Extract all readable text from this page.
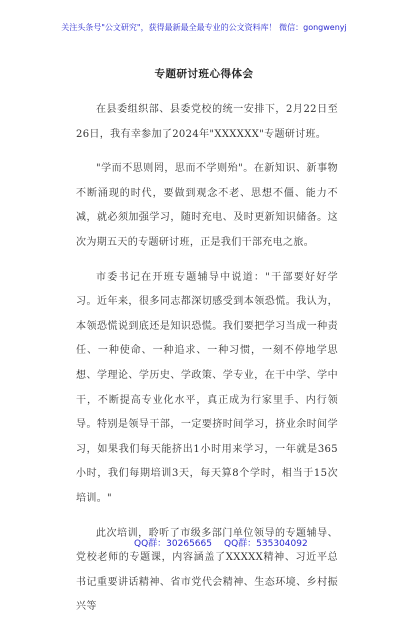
关注头条号"公文研究"，获得最新最全最专业的公文资料库！ 微信：gongwenyj
专题研讨班心得体会

在县委组织部、县委党校的统一安排下，2月22日至26日，我有幸参加了2024年"XXXXXX"专题研讨班。

"学而不思则罔，思而不学则殆"。在新知识、新事物不断涌现的时代，要做到观念不老、思想不僵、能力不减，就必须加强学习，随时充电、及时更新知识储备。这次为期五天的专题研讨班，正是我们干部充电之旅。

市委书记在开班专题辅导中说道："干部要好好学习。近年来，很多同志都深切感受到本领恐慌。我认为，本领恐慌说到底还是知识恐慌。我们要把学习当成一种责任、一种使命、一种追求、一种习惯，一刻不停地学思想、学理论、学历史、学政策、学专业，在干中学、学中干，不断提高专业化水平，真正成为行家里手、内行领导。特别是领导干部，一定要挤时间学习，挤业余时间学习，如果我们每天能挤出1小时用来学习，一年就是365小时，我们每期培训3天，每天算8个学时，相当于15次培训。"

此次培训，聆听了市级多部门单位领导的专题辅导、党校老师的专题课，内容涵盖了XXXXX精神、习近平总书记重要讲话精神、省市党代会精神、生态环境、乡村振兴等

QQ群：30265665 QQ群：535304092
